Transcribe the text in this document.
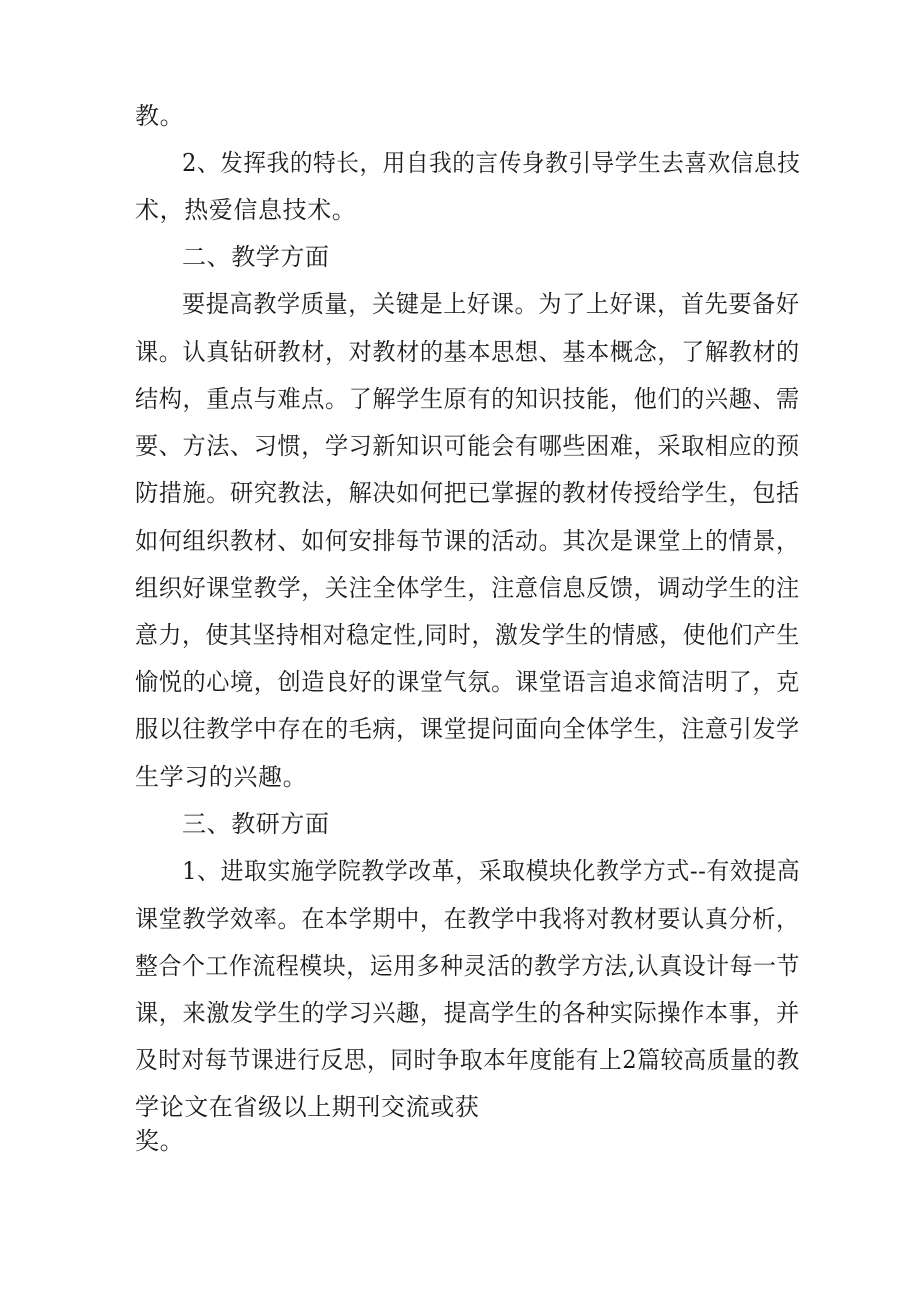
教。
2、发挥我的特长，用自我的言传身教引导学生去喜欢信息技
术，热爱信息技术。
二、教学方面
要提高教学质量，关键是上好课。为了上好课，首先要备好
课。认真钻研教材，对教材的基本思想、基本概念，了解教材的
结构，重点与难点。了解学生原有的知识技能，他们的兴趣、需
要、方法、习惯，学习新知识可能会有哪些困难，采取相应的预
防措施。研究教法，解决如何把已掌握的教材传授给学生，包括
如何组织教材、如何安排每节课的活动。其次是课堂上的情景，
组织好课堂教学，关注全体学生，注意信息反馈，调动学生的注
意力，使其坚持相对稳定性,同时，激发学生的情感，使他们产生
愉悦的心境，创造良好的课堂气氛。课堂语言追求简洁明了，克
服以往教学中存在的毛病，课堂提问面向全体学生，注意引发学
生学习的兴趣。
三、教研方面
1、进取实施学院教学改革，采取模块化教学方式--有效提高
课堂教学效率。在本学期中，在教学中我将对教材要认真分析，
整合个工作流程模块，运用多种灵活的教学方法,认真设计每一节
课，来激发学生的学习兴趣，提高学生的各种实际操作本事，并
及时对每节课进行反思，同时争取本年度能有上2篇较高质量的教
学论文在省级以上期刊交流或获
奖。
